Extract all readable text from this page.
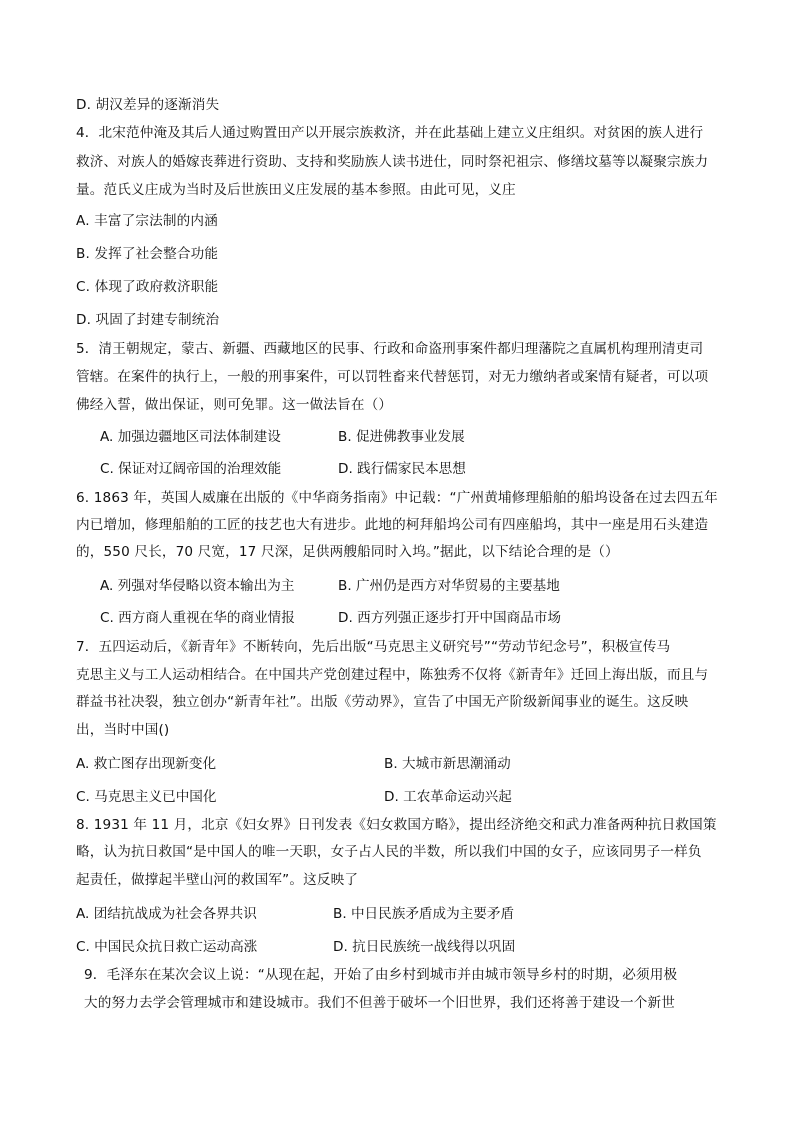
D. 胡汉差异的逐渐消失
4．北宋范仲淹及其后人通过购置田产以开展宗族救济，并在此基础上建立义庄组织。对贫困的族人进行
救济、对族人的婚嫁丧葬进行资助、支持和奖励族人读书进仕，同时祭祀祖宗、修缮坟墓等以凝聚宗族力
量。范氏义庄成为当时及后世族田义庄发展的基本参照。由此可见，义庄
A. 丰富了宗法制的内涵
B. 发挥了社会整合功能
C. 体现了政府救济职能
D. 巩固了封建专制统治
5．清王朝规定，蒙古、新疆、西藏地区的民事、行政和命盗刑事案件都归理藩院之直属机构理刑清吏司
管辖。在案件的执行上，一般的刑事案件，可以罚牲畜来代替惩罚，对无力缴纳者或案情有疑者，可以项
佛经入誓，做出保证，则可免罪。这一做法旨在（）
A. 加强边疆地区司法体制建设	B. 促进佛教事业发展
C. 保证对辽阔帝国的治理效能	D. 践行儒家民本思想
6. 1863 年，英国人威廉在出版的《中华商务指南》中记载：“广州黄埔修理船舶的船坞设备在过去四五年
内已增加，修理船舶的工匠的技艺也大有进步。此地的柯拜船坞公司有四座船坞，其中一座是用石头建造
的，550 尺长，70 尺宽，17 尺深，足供两艘船同时入坞。”据此，以下结论合理的是（）
A. 列强对华侵略以资本输出为主	B. 广州仍是西方对华贸易的主要基地
C. 西方商人重视在华的商业情报	D. 西方列强正逐步打开中国商品市场
7．五四运动后，《新青年》不断转向，先后出版“马克思主义研究号”“劳动节纪念号”，积极宣传马
克思主义与工人运动相结合。在中国共产党创建过程中，陈独秀不仅将《新青年》迁回上海出版，而且与
群益书社决裂，独立创办“新青年社”。出版《劳动界》，宣告了中国无产阶级新闻事业的诞生。这反映
出，当时中国()
A. 救亡图存出现新变化	B. 大城市新思潮涌动
C. 马克思主义已中国化	D. 工农革命运动兴起
8. 1931 年 11 月，北京《妇女界》日刊发表《妇女救国方略》，提出经济绝交和武力准备两种抗日救国策
略，认为抗日救国“是中国人的唯一天职，女子占人民的半数，所以我们中国的女子，应该同男子一样负
起责任，做撑起半壁山河的救国军”。这反映了
A. 团结抗战成为社会各界共识	B. 中日民族矛盾成为主要矛盾
C. 中国民众抗日救亡运动高涨	D. 抗日民族统一战线得以巩固
9．毛泽东在某次会议上说：“从现在起，开始了由乡村到城市并由城市领导乡村的时期，必须用极
大的努力去学会管理城市和建设城市。我们不但善于破坏一个旧世界，我们还将善于建设一个新世
